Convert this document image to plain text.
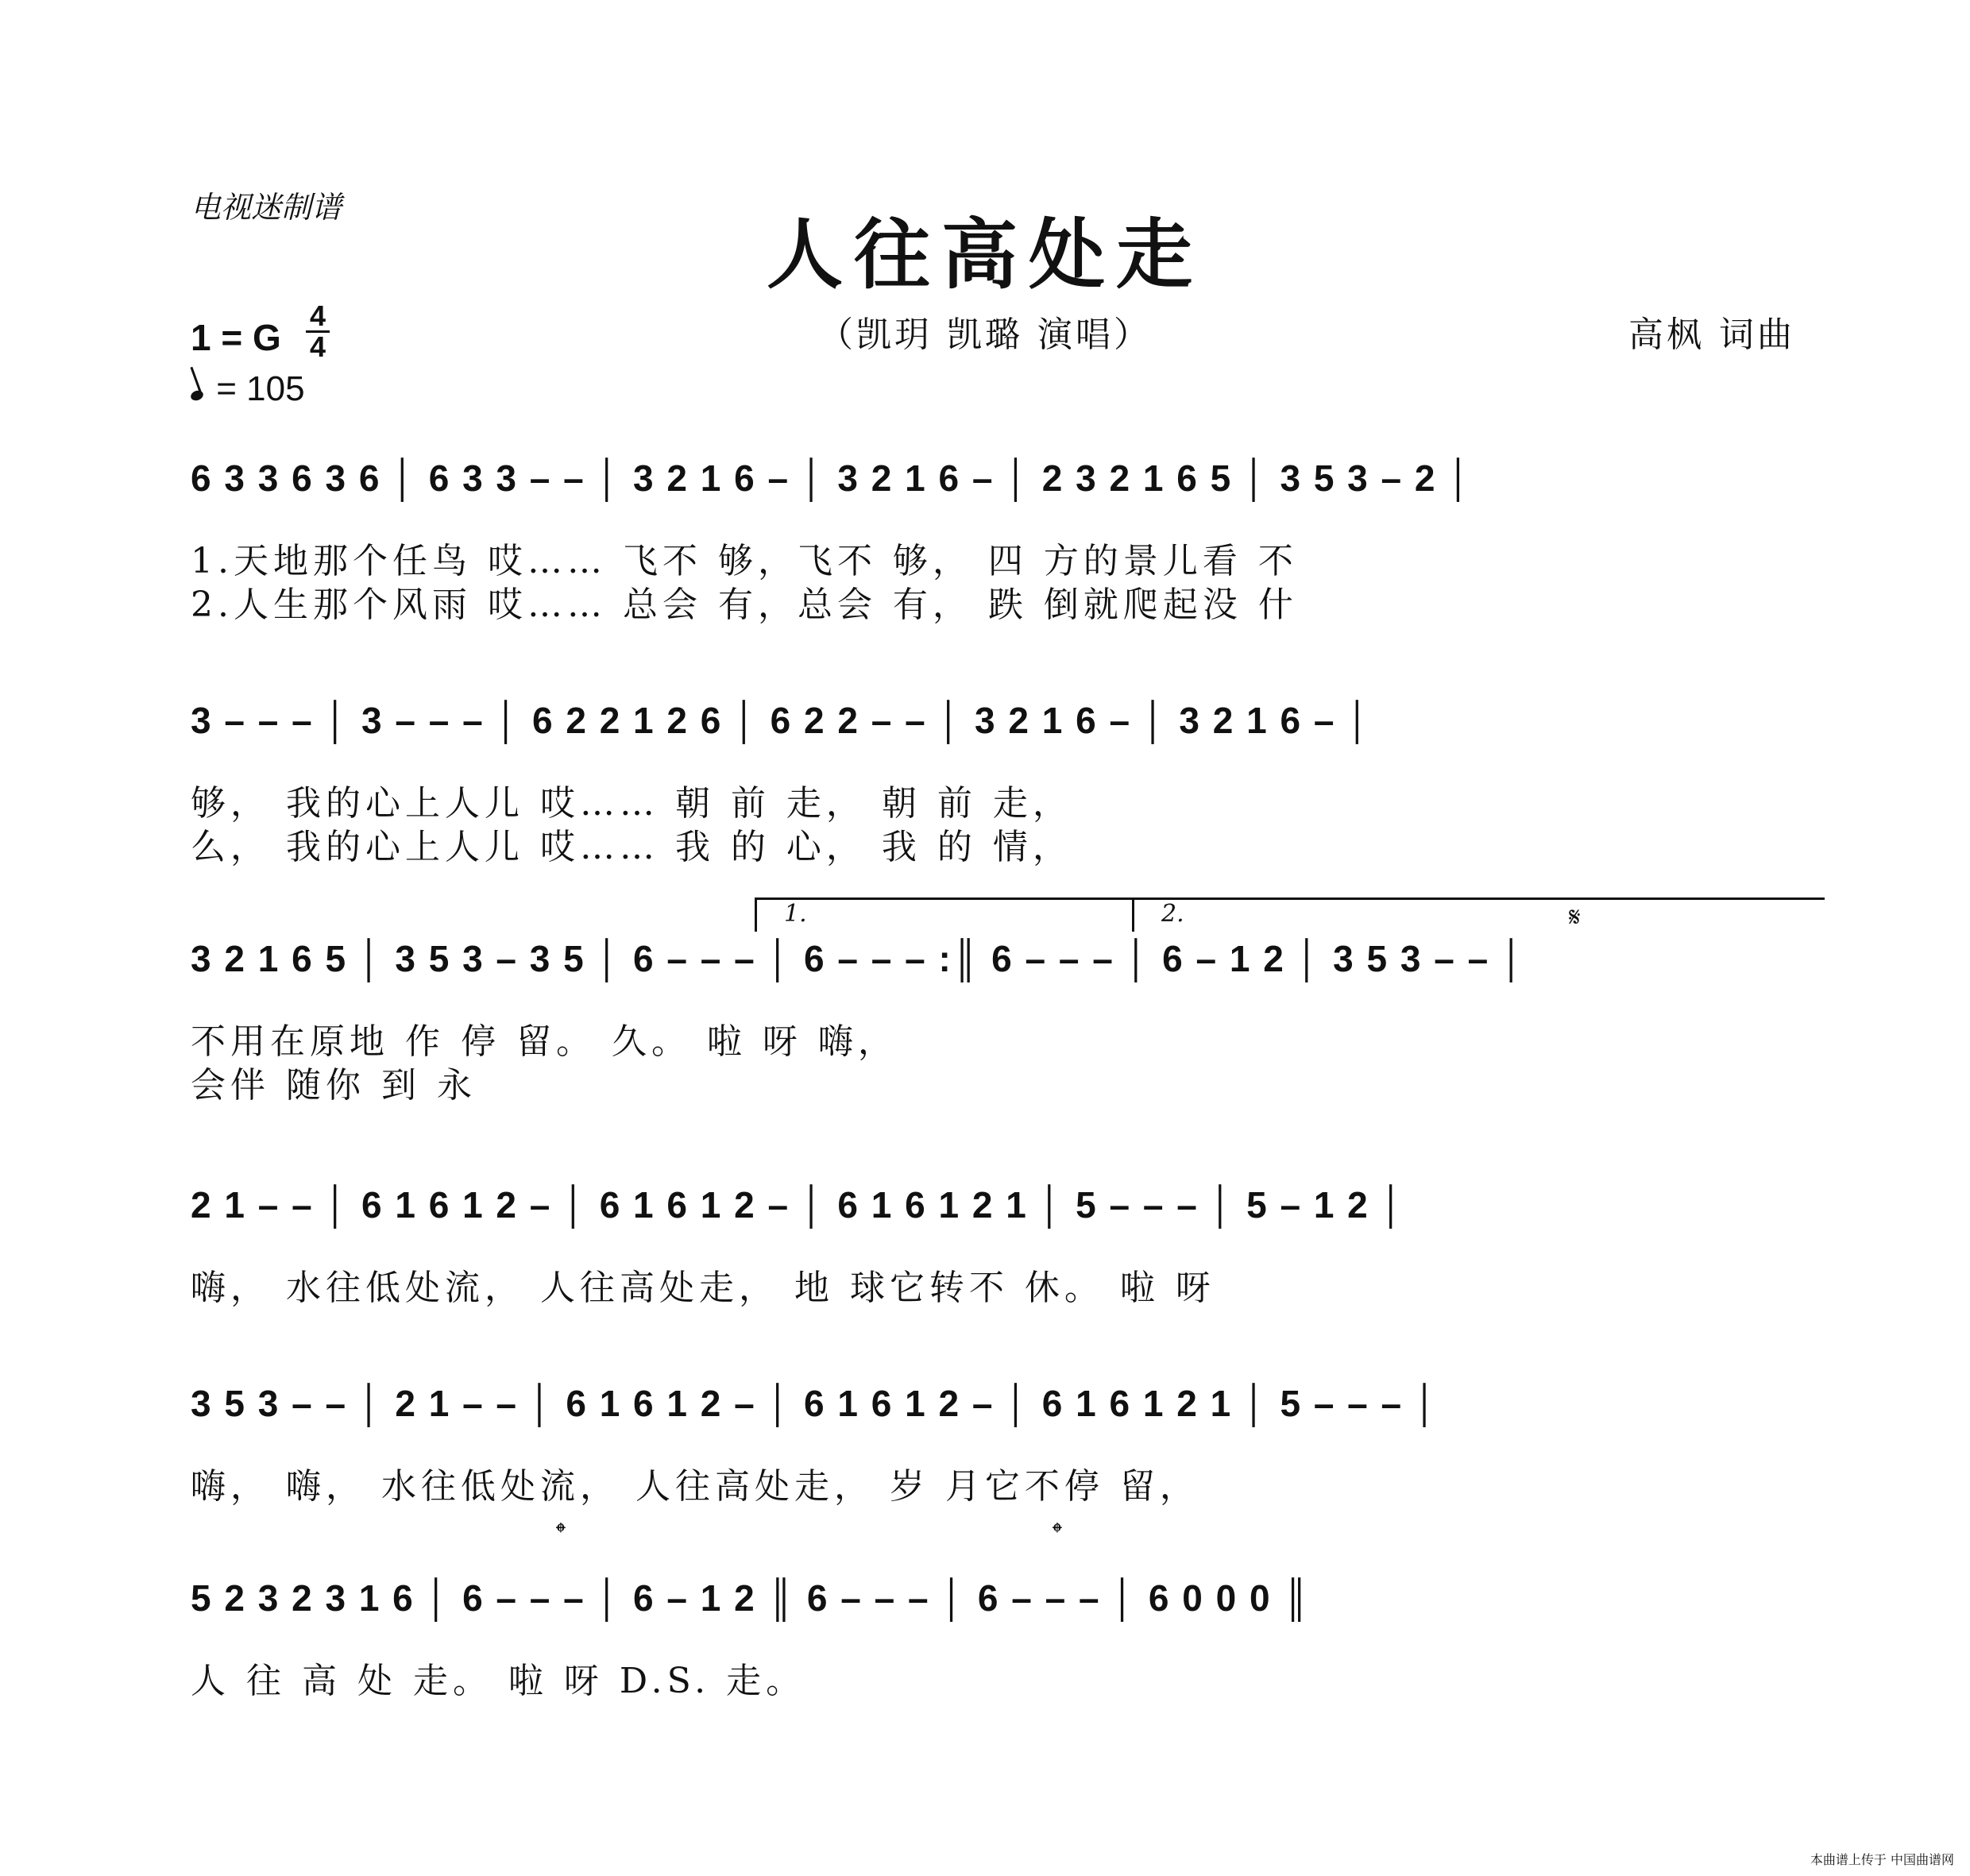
电视迷制谱
人往高处走
（凯玥 凯璐 演唱）	高枫 词曲
1 = G
4
4
= 105
6 3 3 6 3 6 │ 6 3 3 – – │ 3 2 1 6 – │ 3 2 1 6 – │ 2 3 2 1 6 5 │ 3 5 3 – 2 │
1.天地那个任鸟 哎…… 飞不 够，飞不 够， 四 方的景儿看 不
2.人生那个风雨 哎…… 总会 有，总会 有， 跌 倒就爬起没 什
3 – – – │ 3 – – – │ 6 2 2 1 2 6 │ 6 2 2 – – │ 3 2 1 6 – │ 3 2 1 6 – │
够， 我的心上人儿 哎…… 朝 前 走， 朝 前 走，
么， 我的心上人儿 哎…… 我 的 心， 我 的 情，
1.	2.	𝄋
3 2 1 6 5 │ 3 5 3 – 3 5 │ 6 – – – │ 6 – – – :║ 6 – – – │ 6 – 1 2 │ 3 5 3 – – │
不用在原地 作 停 留。 久。 啦 呀 嗨，
会伴 随你 到 永
2 1 – – │ 6 1 6 1 2 – │ 6 1 6 1 2 – │ 6 1 6 1 2 1 │ 5 – – – │ 5 – 1 2 │
嗨， 水往低处流， 人往高处走， 地 球它转不 休。 啦 呀
3 5 3 – – │ 2 1 – – │ 6 1 6 1 2 – │ 6 1 6 1 2 – │ 6 1 6 1 2 1 │ 5 – – – │
嗨， 嗨， 水往低处流， 人往高处走， 岁 月它不停 留，
𝄌	𝄌
5 2 3 2 3 1 6 │ 6 – – – │ 6 – 1 2 ║ 6 – – – │ 6 – – – │ 6 0 0 0 ║
人 往 高 处 走。 啦 呀 D.S. 走。
本曲谱上传于 中国曲谱网
